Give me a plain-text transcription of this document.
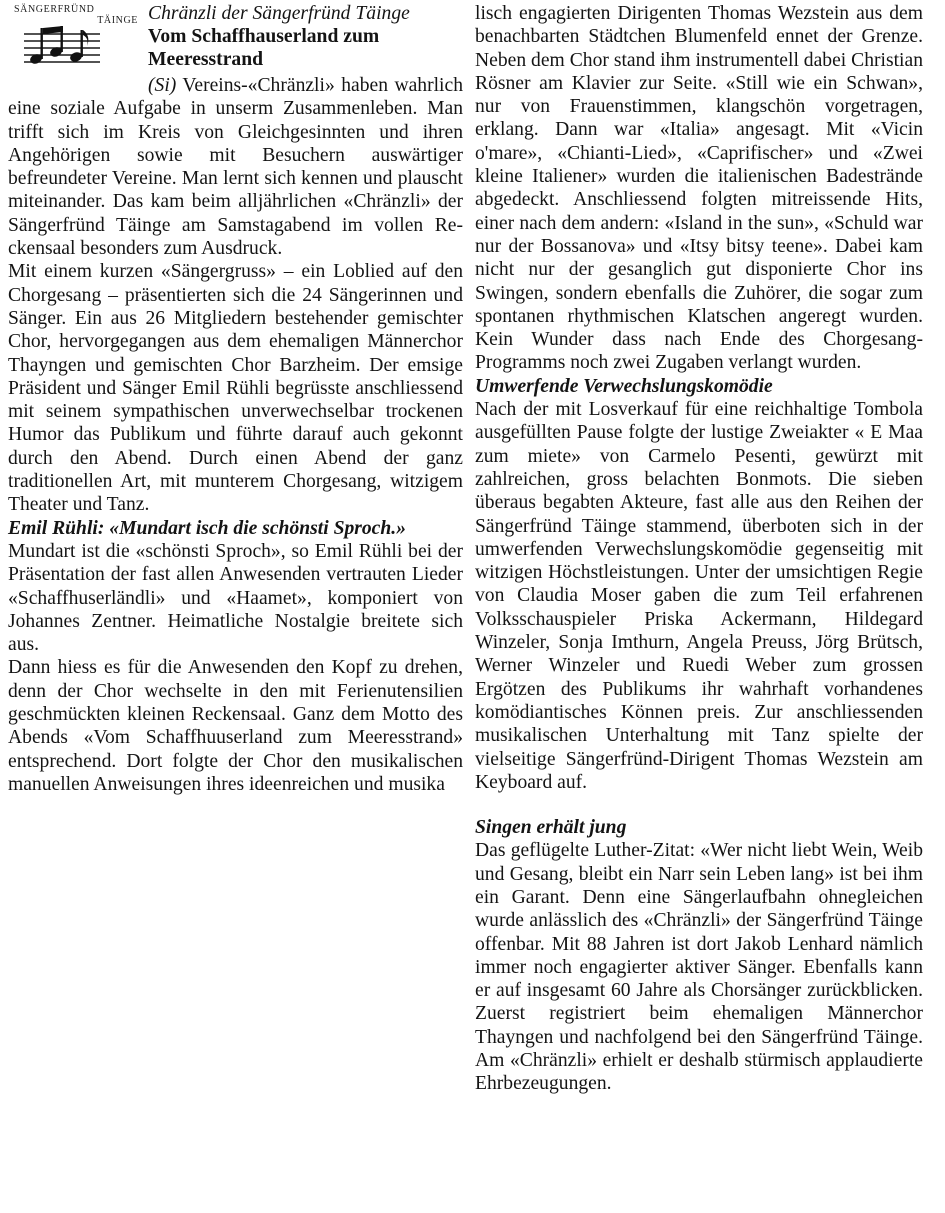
SÄNGERFRÜND
TÄINGE Chränzli der Sängerfründ Täinge

Vom Schaffhauserland zum Meeresstrand

(Si) Vereins-«Chränzli» haben wahrlich eine soziale Aufgabe in unserm Zusammenleben. Man trifft sich im Kreis von Gleichgesinnten und ihren Angehörigen sowie mit Besuchern auswärtiger befreundeter Vereine. Man lernt sich kennen und plauscht miteinander. Das kam beim alljährlichen «Chränzli» der Sängerfründ Täinge am Samstagabend im vollen Reckensaal besonders zum Ausdruck.

Mit einem kurzen «Sängergruss» – ein Loblied auf den Chorgesang – präsentierten sich die 24 Sängerinnen und Sänger. Ein aus 26 Mitgliedern bestehender gemischter Chor, hervorgegangen aus dem ehemaligen Männerchor Thayngen und gemischten Chor Barzheim. Der emsige Präsident und Sänger Emil Rühli begrüsste anschliessend mit seinem sympathischen unverwechselbar trockenen Humor das Publikum und führte darauf auch gekonnt durch den Abend. Durch einen Abend der ganz traditionellen Art, mit munterem Chorgesang, witzigem Theater und Tanz.

Emil Rühli: «Mundart isch die schönsti Sproch.»

Mundart ist die «schönsti Sproch», so Emil Rühli bei der Präsentation der fast allen Anwesenden vertrauten Lieder «Schaffhuserländli» und «Haamet», komponiert von Johannes Zentner. Heimatliche Nostalgie breitete sich aus.

Dann hiess es für die Anwesenden den Kopf zu drehen, denn der Chor wechselte in den mit Ferienutensilien geschmückten kleinen Reckensaal. Ganz dem Motto des Abends «Vom Schaffhuuserland zum Meeresstrand» entsprechend. Dort folgte der Chor den musikalischen manuellen Anweisungen ihres ideenreichen und musika

lisch engagierten Dirigenten Thomas Wezstein aus dem benachbarten Städtchen Blumenfeld ennet der Grenze. Neben dem Chor stand ihm instrumentell dabei Christian Rösner am Klavier zur Seite. «Still wie ein Schwan», nur von Frauenstimmen, klangschön vorgetragen, erklang. Dann war «Italia» angesagt. Mit «Vicin o'mare», «Chianti-Lied», «Caprifischer» und «Zwei kleine Italiener» wurden die italienischen Badestrände abgedeckt. Anschliessend folgten mitreissende Hits, einer nach dem andern: «Island in the sun», «Schuld war nur der Bossanova» und «Itsy bitsy teene». Dabei kam nicht nur der gesanglich gut disponierte Chor ins Swingen, sondern ebenfalls die Zuhörer, die sogar zum spontanen rhythmischen Klatschen angeregt wurden. Kein Wunder dass nach Ende des Chorgesang-Programms noch zwei Zugaben verlangt wurden.

Umwerfende Verwechslungskomödie

Nach der mit Losverkauf für eine reichhaltige Tombola ausgefüllten Pause folgte der lustige Zweiakter « E Maa zum miete» von Carmelo Pesenti, gewürzt mit zahlreichen, gross belachten Bonmots. Die sieben überaus begabten Akteure, fast alle aus den Reihen der Sängerfründ Täinge stammend, überboten sich in der umwerfenden Verwechslungskomödie gegenseitig mit witzigen Höchstleistungen. Unter der umsichtigen Regie von Claudia Moser gaben die zum Teil erfahrenen Volksschauspieler Priska Ackermann, Hildegard Winzeler, Sonja Imthurn, Angela Preuss, Jörg Brütsch, Werner Winzeler und Ruedi Weber zum grossen Ergötzen des Publikums ihr wahrhaft vorhandenes komödiantisches Können preis. Zur anschliessenden musikalischen Unterhaltung mit Tanz spielte der vielseitige Sängerfründ-Dirigent Thomas Wezstein am Keyboard auf.

Singen erhält jung

Das geflügelte Luther-Zitat: «Wer nicht liebt Wein, Weib und Gesang, bleibt ein Narr sein Leben lang» ist bei ihm ein Garant. Denn eine Sängerlaufbahn ohnegleichen wurde anlässlich des «Chränzli» der Sängerfründ Täinge offenbar. Mit 88 Jahren ist dort Jakob Lenhard nämlich immer noch engagierter aktiver Sänger. Ebenfalls kann er auf insgesamt 60 Jahre als Chorsänger zurückblicken. Zuerst registriert beim ehemaligen Männerchor Thayngen und nachfolgend bei den Sängerfründ Täinge. Am «Chränzli» erhielt er deshalb stürmisch applaudierte Ehrbezeugungen.
